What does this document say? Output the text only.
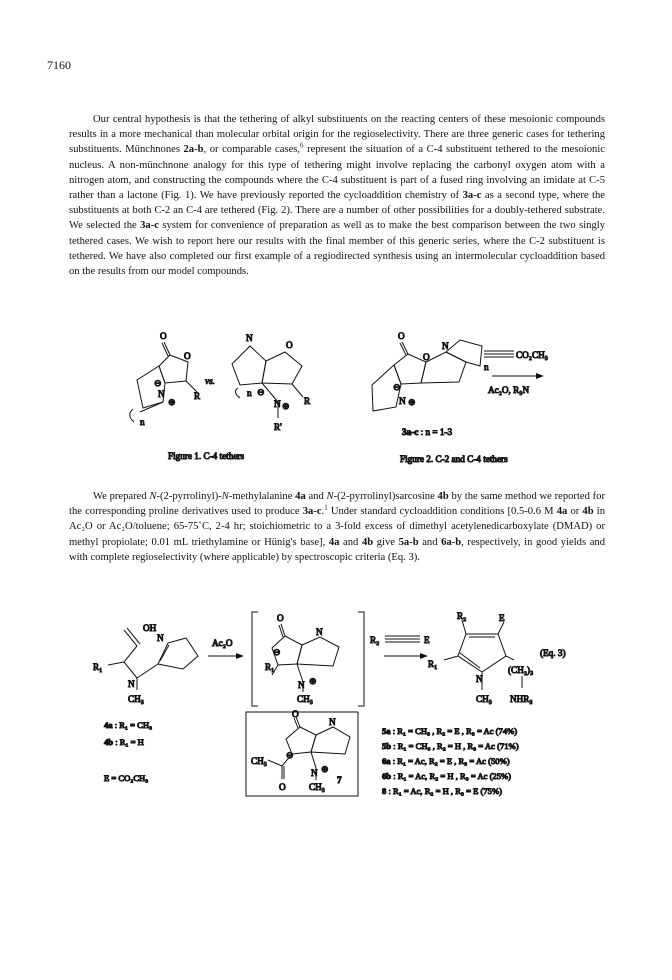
7160

Our central hypothesis is that the tethering of alkyl substituents on the reacting centers of these mesoionic compounds results in a more mechanical than molecular orbital origin for the regioselectivity. There are three generic cases for tethering substituents. Münchnones 2a-b, or comparable cases,$^6$ represent the situation of a C-4 substituent tethered to the mesoionic nucleus. A non-münchnone analogy for this type of tethering might involve replacing the carbonyl oxygen atom with a nitrogen atom, and constructing the compounds where the C-4 substituent is part of a fused ring involving an imidate at C-5 rather than a lactone (Fig. 1). We have previously reported the cycloaddition chemistry of 3a-c as a second type, where the substituents at both C-2 an C-4 are tethered (Fig. 2). There are a number of other possibilities for a doubly-tethered substrate. We selected the 3a-c system for convenience of preparation as well as to make the best comparison between the two singly tethered cases. We wish to report here our results with the final member of this generic series, where the C-2 substituent is tethered. We have also completed our first example of a regiodirected synthesis using an intermolecular cycloaddition based on the results from our model compounds.

O
O
R
⊖
⊕
N
n
vs.
N
O
⊖
⊕
N	R
R'
n
Figure 1. C-4 tethers
O
O
N
N
⊖
⊕
n
CO₂CH₃
Ac₂O, R₃N
3a-c : n = 1-3
Figure 2. C-2 and C-4 tethers
OH
N
N
R₁
CH₃
Ac₂O
O
N
N
R₁
CH₃
⊖
⊕
R₂	E
R₂	E
R₁
N
(CH₂)₃
CH₃ NHR₃
(Eq. 3)
O
N
CH₃
O
N
CH₃
7
⊖
⊕
4a : R₁ = CH₃
4b : R₁ = H
E = CO₂CH₃
5a : R₁ = CH₃ , R₂ = E , R₃ = Ac (74%)
5b : R₁ = CH₃ , R₂ = H , R₃ = Ac (71%)
6a : R₁ = Ac, R₂ = E , R₃ = Ac (50%)
6b : R₁ = Ac, R₂ = H , R₃ = Ac (25%)
8 : R₁ = Ac, R₂ = H , R₃ = E (75%)

We prepared N-(2-pyrrolinyl)-N-methylalanine 4a and N-(2-pyrrolinyl)sarcosine 4b by the same method we reported for the corresponding proline derivatives used to produce 3a-c.$^1$ Under standard cycloaddition conditions [0.5-0.6 M 4a or 4b in Ac₂O or Ac₂O/toluene; 65-75˚C, 2-4 hr; stoichiometric to a 3-fold excess of dimethyl acetylenedicarboxylate (DMAD) or methyl propiolate; 0.01 mL triethylamine or Hünig's base], 4a and 4b give 5a-b and 6a-b, respectively, in good yields and with complete regioselectivity (where applicable) by spectroscopic criteria (Eq. 3).
